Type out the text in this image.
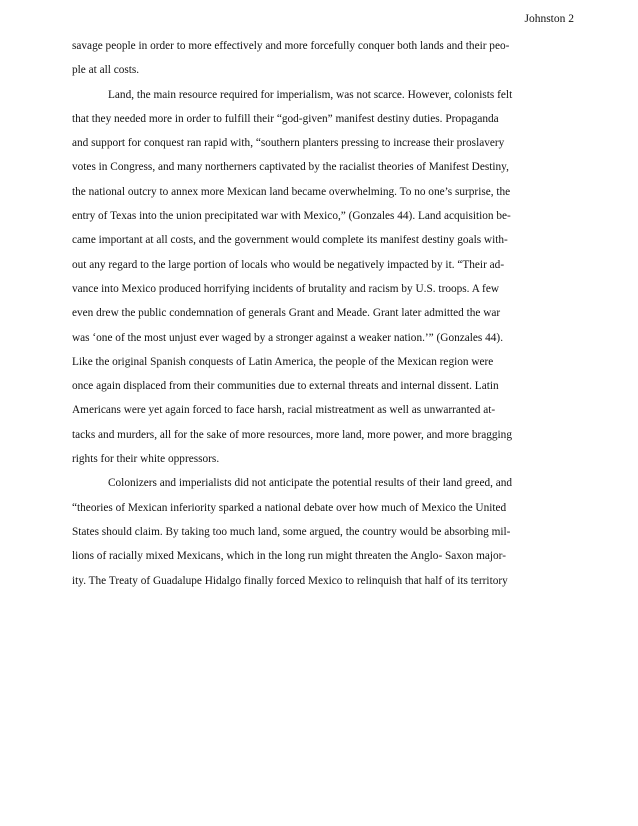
Johnston 2
savage people in order to more effectively and more forcefully conquer both lands and their peo-
ple at all costs.
Land, the main resource required for imperialism, was not scarce. However, colonists felt
that they needed more in order to fulfill their “god-given” manifest destiny duties. Propaganda
and support for conquest ran rapid with, “southern planters pressing to increase their proslavery
votes in Congress, and many northerners captivated by the racialist theories of Manifest Destiny,
the national outcry to annex more Mexican land became overwhelming. To no one’s surprise, the
entry of Texas into the union precipitated war with Mexico,” (Gonzales 44). Land acquisition be-
came important at all costs, and the government would complete its manifest destiny goals with-
out any regard to the large portion of locals who would be negatively impacted by it. “Their ad-
vance into Mexico produced horrifying incidents of brutality and racism by U.S. troops. A few
even drew the public condemnation of generals Grant and Meade. Grant later admitted the war
was ‘one of the most unjust ever waged by a stronger against a weaker nation.’” (Gonzales 44).
Like the original Spanish conquests of Latin America, the people of the Mexican region were
once again displaced from their communities due to external threats and internal dissent. Latin
Americans were yet again forced to face harsh, racial mistreatment as well as unwarranted at-
tacks and murders, all for the sake of more resources, more land, more power, and more bragging
rights for their white oppressors.
Colonizers and imperialists did not anticipate the potential results of their land greed, and
“theories of Mexican inferiority sparked a national debate over how much of Mexico the United
States should claim. By taking too much land, some argued, the country would be absorbing mil-
lions of racially mixed Mexicans, which in the long run might threaten the Anglo- Saxon major-
ity. The Treaty of Guadalupe Hidalgo finally forced Mexico to relinquish that half of its territory
